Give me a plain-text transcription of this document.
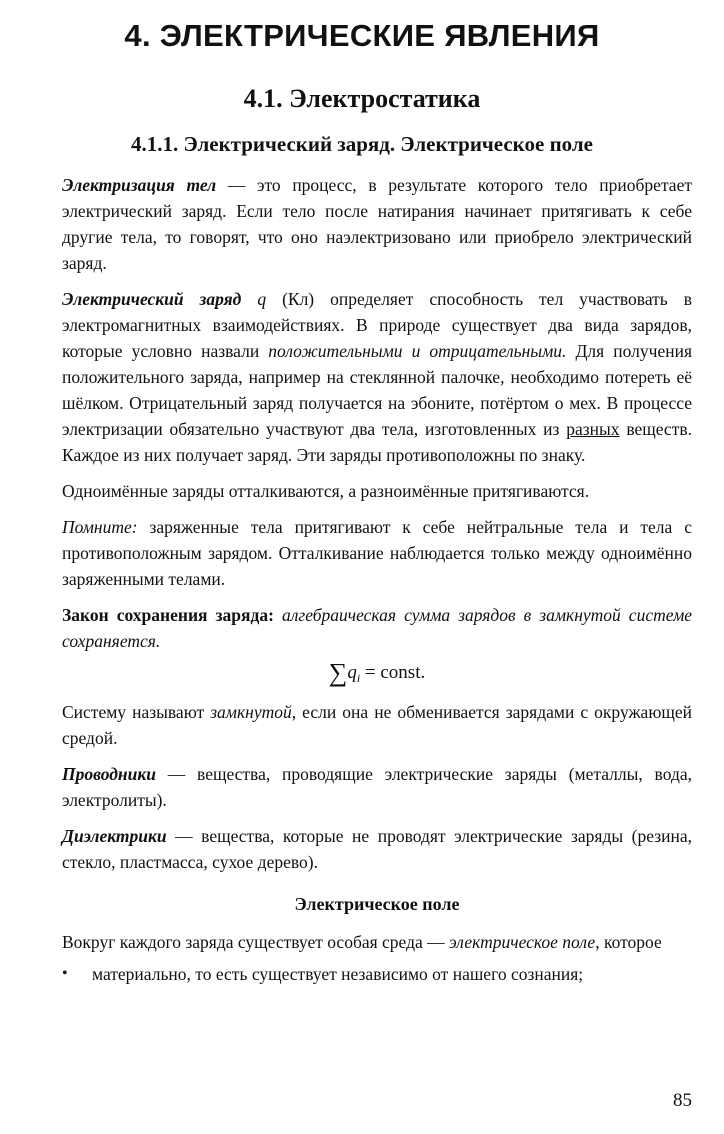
4. ЭЛЕКТРИЧЕСКИЕ ЯВЛЕНИЯ
4.1. Электростатика
4.1.1. Электрический заряд. Электрическое поле

Электризация тел — это процесс, в результате которого тело приобретает электрический заряд. Если тело после натирания начинает притягивать к себе другие тела, то говорят, что оно наэлектризовано или приобрело электрический заряд.

Электрический заряд q (Кл) определяет способность тел участвовать в электромагнитных взаимодействиях. В природе существует два вида зарядов, которые условно назвали положительными и отрицательными. Для получения положительного заряда, например на стеклянной палочке, необходимо потереть её шёлком. Отрицательный заряд получается на эбоните, потёртом о мех. В процессе электризации обязательно участвуют два тела, изготовленных из разных веществ. Каждое из них получает заряд. Эти заряды противоположны по знаку.

Одноимённые заряды отталкиваются, а разноимённые притягиваются.

Помните: заряженные тела притягивают к себе нейтральные тела и тела с противоположным зарядом. Отталкивание наблюдается только между одноимённо заряженными телами.

Закон сохранения заряда: алгебраическая сумма зарядов в замкнутой системе сохраняется.

$\sum q_i$ = const.

Систему называют замкнутой, если она не обменивается зарядами с окружающей средой.

Проводники — вещества, проводящие электрические заряды (металлы, вода, электролиты).

Диэлектрики — вещества, которые не проводят электрические заряды (резина, стекло, пластмасса, сухое дерево).

Электрическое поле

Вокруг каждого заряда существует особая среда — электрическое поле, которое

• материально, то есть существует независимо от нашего сознания;

85
